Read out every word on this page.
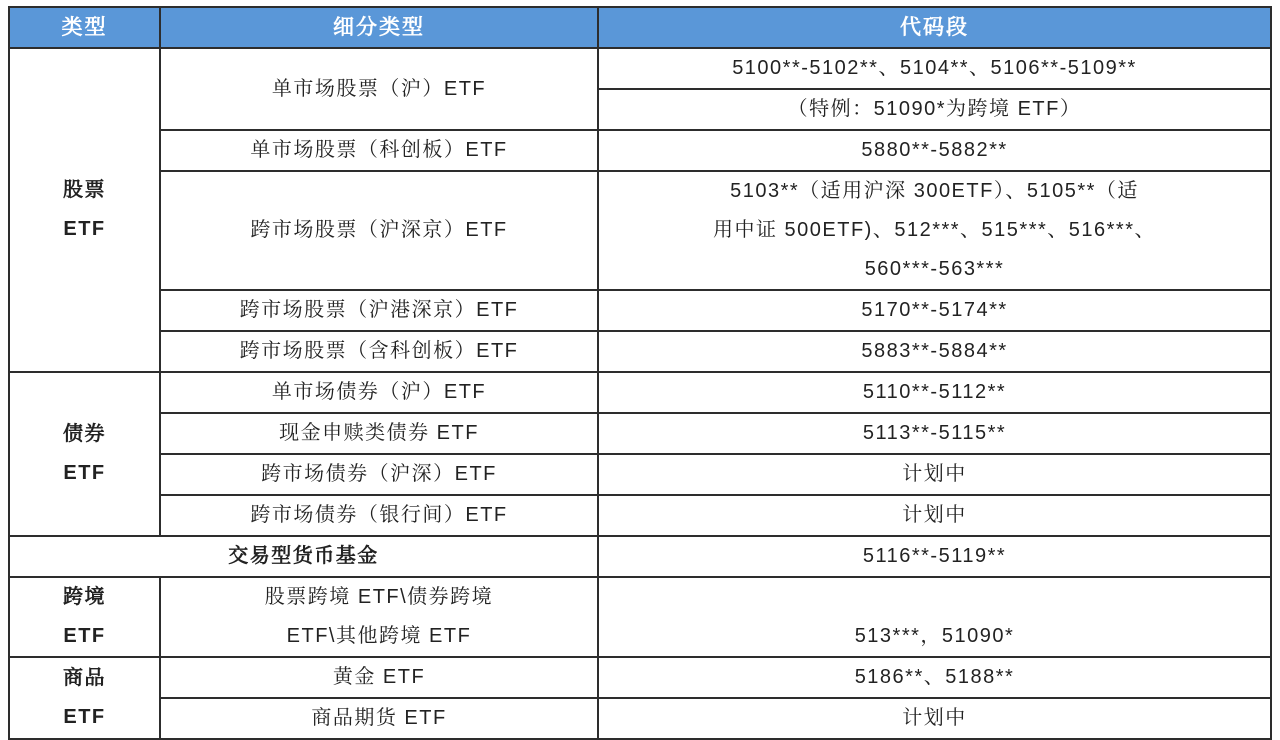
类型	细分类型	代码段

股票
ETF	单市场股票（沪）ETF	5100**-5102**、5104**、5106**-5109**
		（特例：51090*为跨境 ETF）
	单市场股票（科创板）ETF	5880**-5882**
	跨市场股票（沪深京）ETF	5103**（适用沪深 300ETF）、5105**（适
用中证 500ETF)、512***、515***、516***、
560***-563***

	跨市场股票（沪港深京）ETF	5170**-5174**
	跨市场股票（含科创板）ETF	5883**-5884**

债券
ETF	单市场债券（沪）ETF	5110**-5112**
	现金申赎类债券 ETF	5113**-5115**
	跨市场债券（沪深）ETF	计划中
	跨市场债券（银行间）ETF	计划中
交易型货币基金		5116**-5119**

跨境
ETF	股票跨境 ETF\债券跨境
ETF\其他跨境 ETF	513***，51090*

商品
ETF	黄金 ETF	5186**、5188**
	商品期货 ETF	计划中
